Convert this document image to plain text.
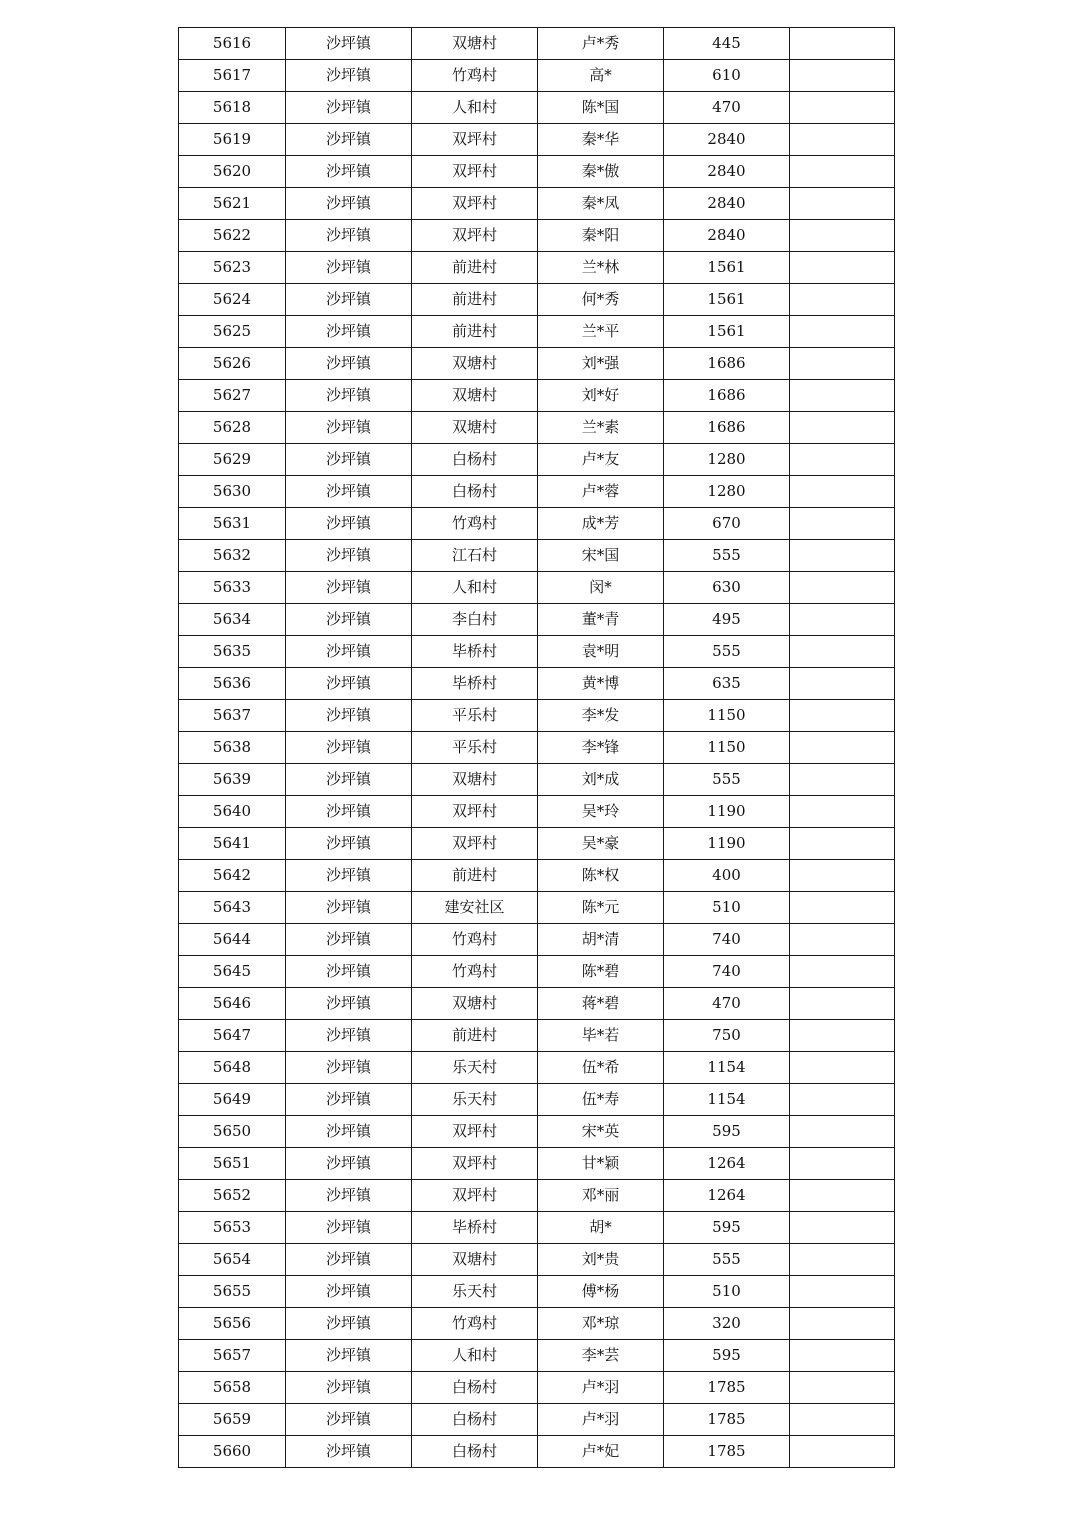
5616	沙坪镇	双塘村	卢*秀	445	
5617	沙坪镇	竹鸡村	高*	610	
5618	沙坪镇	人和村	陈*国	470	
5619	沙坪镇	双坪村	秦*华	2840	
5620	沙坪镇	双坪村	秦*傲	2840	
5621	沙坪镇	双坪村	秦*凤	2840	
5622	沙坪镇	双坪村	秦*阳	2840	
5623	沙坪镇	前进村	兰*林	1561	
5624	沙坪镇	前进村	何*秀	1561	
5625	沙坪镇	前进村	兰*平	1561	
5626	沙坪镇	双塘村	刘*强	1686	
5627	沙坪镇	双塘村	刘*好	1686	
5628	沙坪镇	双塘村	兰*素	1686	
5629	沙坪镇	白杨村	卢*友	1280	
5630	沙坪镇	白杨村	卢*蓉	1280	
5631	沙坪镇	竹鸡村	成*芳	670	
5632	沙坪镇	江石村	宋*国	555	
5633	沙坪镇	人和村	闵*	630	
5634	沙坪镇	李白村	董*青	495	
5635	沙坪镇	毕桥村	袁*明	555	
5636	沙坪镇	毕桥村	黄*博	635	
5637	沙坪镇	平乐村	李*发	1150	
5638	沙坪镇	平乐村	李*锋	1150	
5639	沙坪镇	双塘村	刘*成	555	
5640	沙坪镇	双坪村	吴*玲	1190	
5641	沙坪镇	双坪村	吴*豪	1190	
5642	沙坪镇	前进村	陈*权	400	
5643	沙坪镇	建安社区	陈*元	510	
5644	沙坪镇	竹鸡村	胡*清	740	
5645	沙坪镇	竹鸡村	陈*碧	740	
5646	沙坪镇	双塘村	蒋*碧	470	
5647	沙坪镇	前进村	毕*若	750	
5648	沙坪镇	乐天村	伍*希	1154	
5649	沙坪镇	乐天村	伍*寿	1154	
5650	沙坪镇	双坪村	宋*英	595	
5651	沙坪镇	双坪村	甘*颖	1264	
5652	沙坪镇	双坪村	邓*丽	1264	
5653	沙坪镇	毕桥村	胡*	595	
5654	沙坪镇	双塘村	刘*贵	555	
5655	沙坪镇	乐天村	傅*杨	510	
5656	沙坪镇	竹鸡村	邓*琼	320	
5657	沙坪镇	人和村	李*芸	595	
5658	沙坪镇	白杨村	卢*羽	1785	
5659	沙坪镇	白杨村	卢*羽	1785	
5660	沙坪镇	白杨村	卢*妃	1785	
